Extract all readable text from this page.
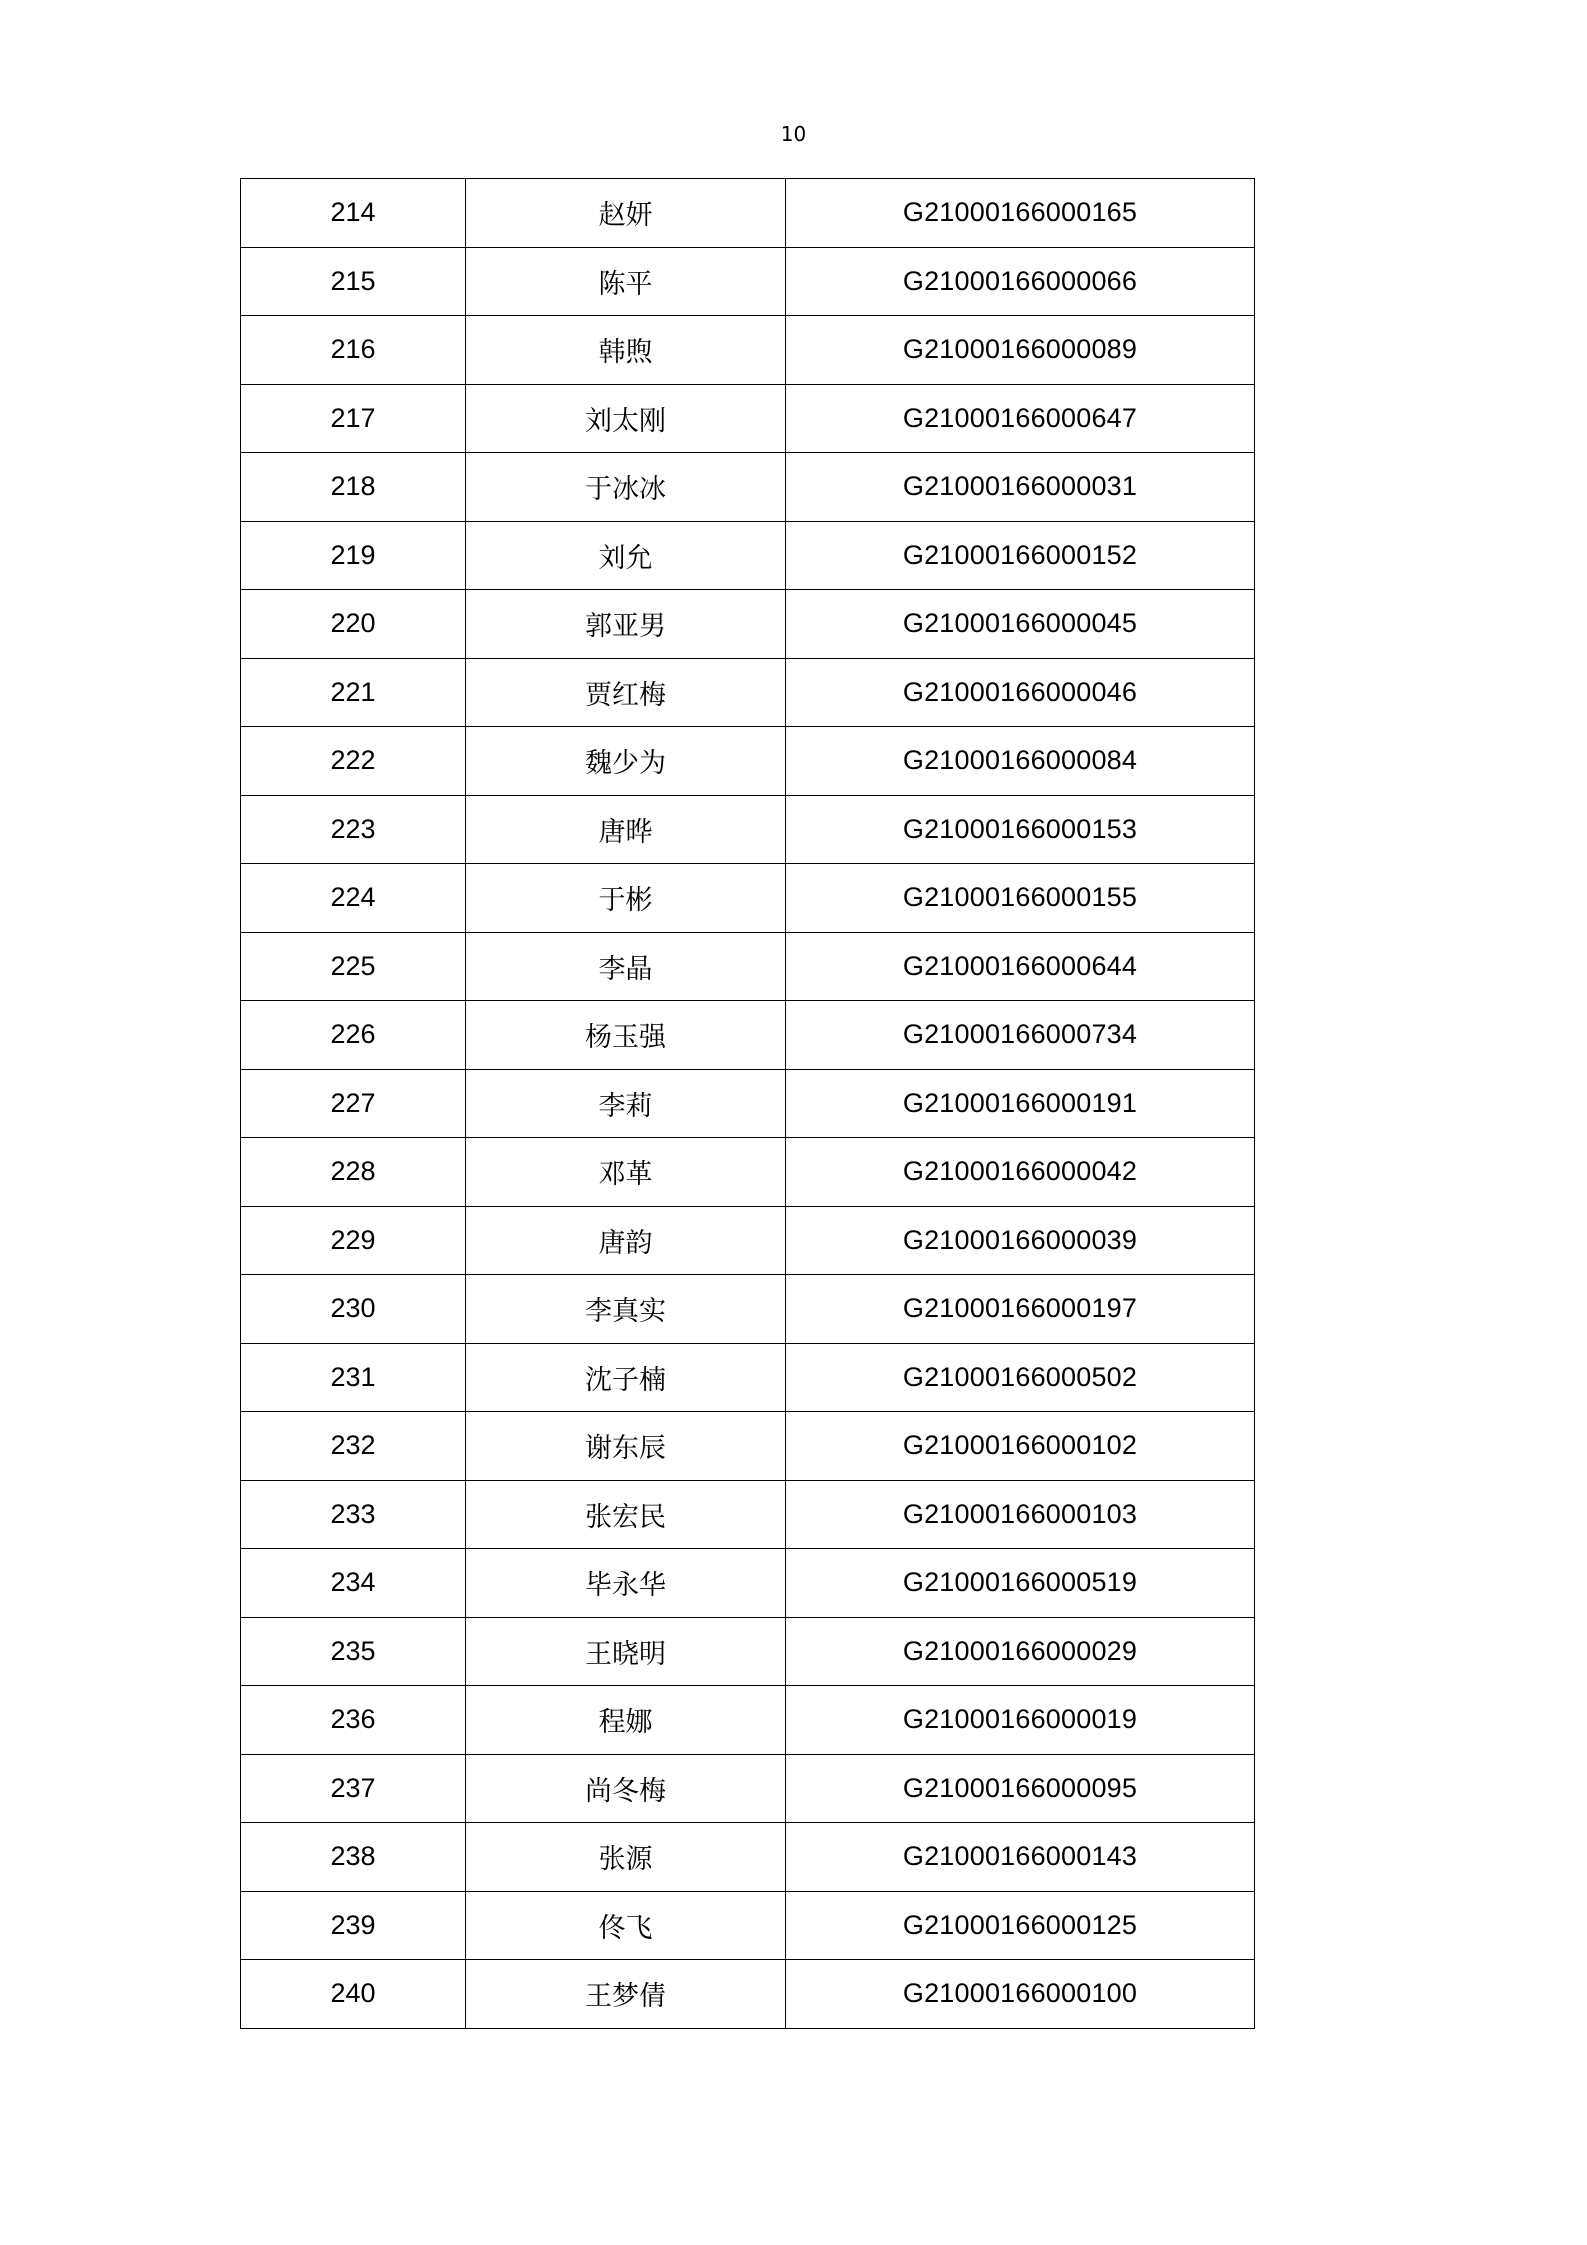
10
214	赵妍	G21000166000165
215	陈平	G21000166000066
216	韩煦	G21000166000089
217	刘太刚	G21000166000647
218	于冰冰	G21000166000031
219	刘允	G21000166000152
220	郭亚男	G21000166000045
221	贾红梅	G21000166000046
222	魏少为	G21000166000084
223	唐晔	G21000166000153
224	于彬	G21000166000155
225	李晶	G21000166000644
226	杨玉强	G21000166000734
227	李莉	G21000166000191
228	邓革	G21000166000042
229	唐韵	G21000166000039
230	李真实	G21000166000197
231	沈子楠	G21000166000502
232	谢东辰	G21000166000102
233	张宏民	G21000166000103
234	毕永华	G21000166000519
235	王晓明	G21000166000029
236	程娜	G21000166000019
237	尚冬梅	G21000166000095
238	张源	G21000166000143
239	佟飞	G21000166000125
240	王梦倩	G21000166000100
